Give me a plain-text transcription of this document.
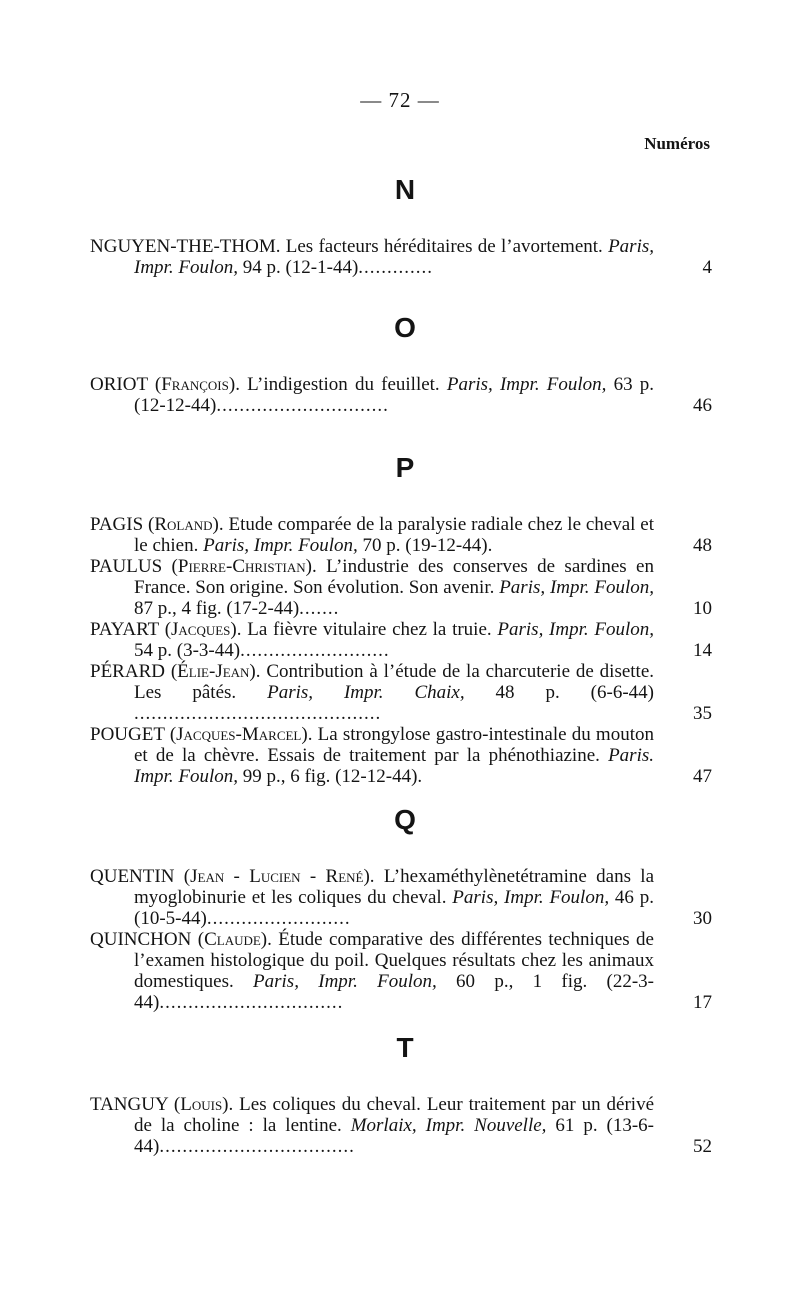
— 72 —
Numéros
N
NGUYEN-THE-THOM. Les facteurs héréditaires de l’avortement. Paris, Impr. Foulon, 94 p. (12-1-44).............	4
O
ORIOT (François). L’indigestion du feuillet. Paris, Impr. Foulon, 63 p. (12-12-44)..............................	46
P
PAGIS (Roland). Etude comparée de la paralysie radiale chez le cheval et le chien. Paris, Impr. Foulon, 70 p. (19-12-44).	48
PAULUS (Pierre-Christian). L’industrie des conserves de sardines en France. Son origine. Son évolution. Son avenir. Paris, Impr. Foulon, 87 p., 4 fig. (17-2-44).......	10
PAYART (Jacques). La fièvre vitulaire chez la truie. Paris, Impr. Foulon, 54 p. (3-3-44)..........................	14
PÉRARD (Élie-Jean). Contribution à l’étude de la charcuterie de disette. Les pâtés. Paris, Impr. Chaix, 48 p. (6-6-44) ...........................................	35
POUGET (Jacques-Marcel). La strongylose gastro-intestinale du mouton et de la chèvre. Essais de traitement par la phénothiazine. Paris. Impr. Foulon, 99 p., 6 fig. (12-12-44).	47
Q
QUENTIN (Jean - Lucien - René). L’hexaméthylènetétramine dans la myoglobinurie et les coliques du cheval. Paris, Impr. Foulon, 46 p. (10-5-44).........................	30
QUINCHON (Claude). Étude comparative des différentes techniques de l’examen histologique du poil. Quelques résultats chez les animaux domestiques. Paris, Impr. Foulon, 60 p., 1 fig. (22-3-44)................................	17
T
TANGUY (Louis). Les coliques du cheval. Leur traitement par un dérivé de la choline : la lentine. Morlaix, Impr. Nouvelle, 61 p. (13-6-44)..................................	52
